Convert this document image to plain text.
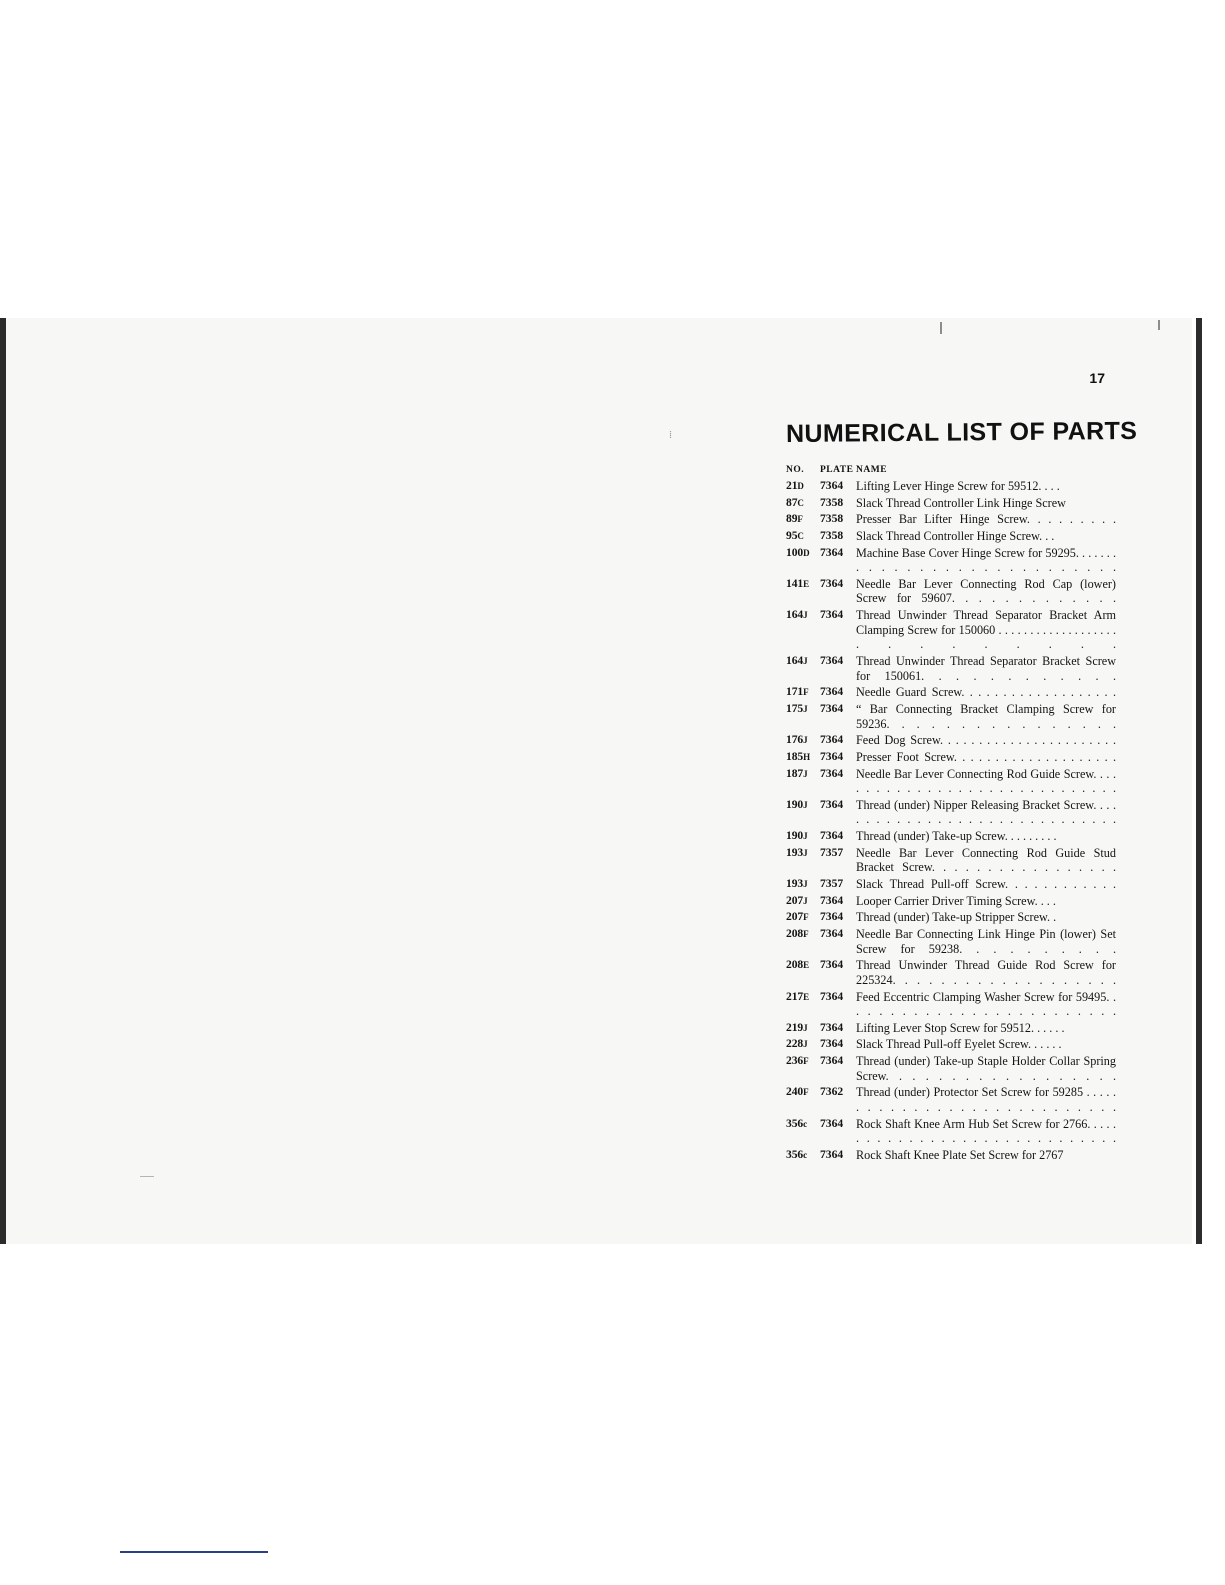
⁞
17
NUMERICAL LIST OF PARTS
NO.	PLATE	NAME
21D	7364	Lifting Lever Hinge Screw for 59512. . . .
87C	7358	Slack Thread Controller Link Hinge Screw
89F	7358	Presser Bar Lifter Hinge Screw. . . . . . . . .
95C	7358	Slack Thread Controller Hinge Screw. . .
100D	7364	Machine Base Cover Hinge Screw for 59295. . . . . . . . . . . . . . . . . . . . . . . . . . . .
141E	7364	Needle Bar Lever Connecting Rod Cap (lower) Screw for 59607. . . . . . . . . . . . .
164J	7364	Thread Unwinder Thread Separator Bracket Arm Clamping Screw for 150060 . . . . . . . . . . . . . . . . . . . . . . . . . . . .
164J	7364	Thread Unwinder Thread Separator Bracket Screw for 150061. . . . . . . . . . . .
171F	7364	Needle Guard Screw. . . . . . . . . . . . . . . . . . .
175J	7364	“ Bar Connecting Bracket Clamping Screw for 59236. . . . . . . . . . . . . . . .
176J	7364	Feed Dog Screw. . . . . . . . . . . . . . . . . . . . . . .
185H	7364	Presser Foot Screw. . . . . . . . . . . . . . . . . . . .
187J	7364	Needle Bar Lever Connecting Rod Guide Screw. . . . . . . . . . . . . . . . . . . . . . . . . . . . . .
190J	7364	Thread (under) Nipper Releasing Bracket Screw. . . . . . . . . . . . . . . . . . . . . . . . . . . . . .
190J	7364	Thread (under) Take-up Screw. . . . . . . . .
193J	7357	Needle Bar Lever Connecting Rod Guide Stud Bracket Screw. . . . . . . . . . . . . . . . .
193J	7357	Slack Thread Pull-off Screw. . . . . . . . . . . .
207J	7364	Looper Carrier Driver Timing Screw. . . .
207F	7364	Thread (under) Take-up Stripper Screw. .
208F	7364	Needle Bar Connecting Link Hinge Pin (lower) Set Screw for 59238. . . . . . . . . .
208E	7364	Thread Unwinder Thread Guide Rod Screw for 225324. . . . . . . . . . . . . . . . . . .
217E	7364	Feed Eccentric Clamping Washer Screw for 59495. . . . . . . . . . . . . . . . . . . . . . . . .
219J	7364	Lifting Lever Stop Screw for 59512. . . . . .
228J	7364	Slack Thread Pull-off Eyelet Screw. . . . . .
236F	7364	Thread (under) Take-up Staple Holder Collar Spring Screw. . . . . . . . . . . . . . . . . .
240F	7362	Thread (under) Protector Set Screw for 59285 . . . . . . . . . . . . . . . . . . . . . . . . . . . .
356c	7364	Rock Shaft Knee Arm Hub Set Screw for 2766. . . . . . . . . . . . . . . . . . . . . . . . . . . . . .
356c	7364	Rock Shaft Knee Plate Set Screw for 2767
